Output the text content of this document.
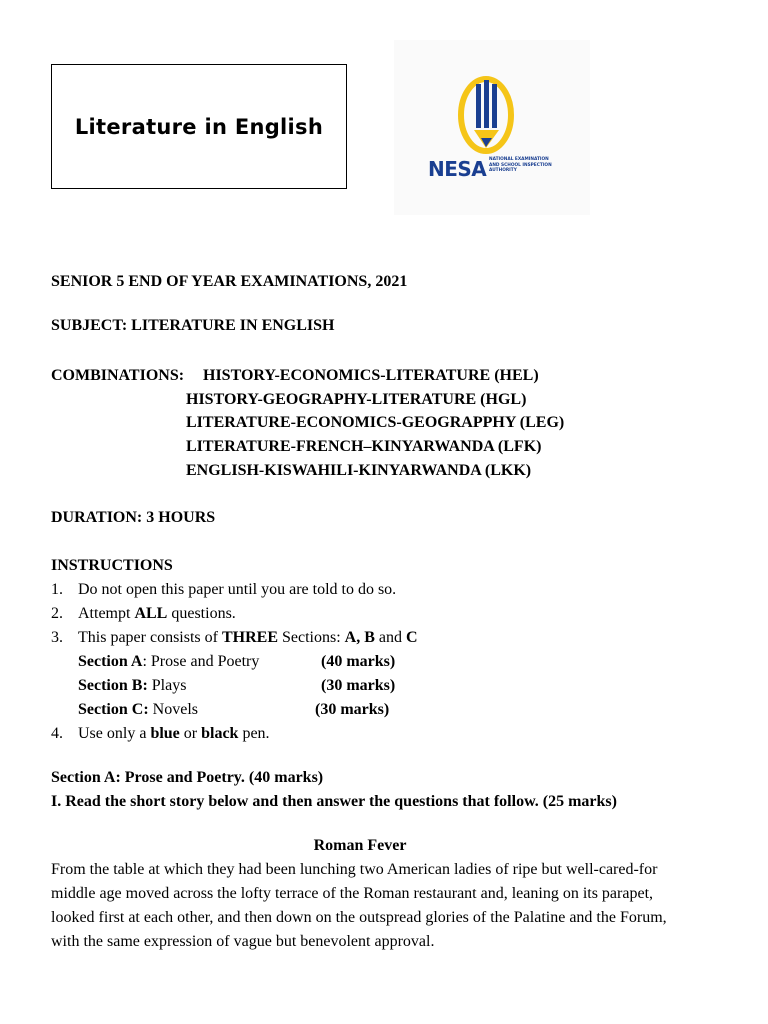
Literature in English
NESA NATIONAL EXAMINATION
AND SCHOOL INSPECTION
AUTHORITY
SENIOR 5 END OF YEAR EXAMINATIONS, 2021
SUBJECT: LITERATURE IN ENGLISH
COMBINATIONS: HISTORY-ECONOMICS-LITERATURE (HEL)
HISTORY-GEOGRAPHY-LITERATURE (HGL)
LITERATURE-ECONOMICS-GEOGRAPPHY (LEG)
LITERATURE-FRENCH–KINYARWANDA (LFK)
ENGLISH-KISWAHILI-KINYARWANDA (LKK)
DURATION: 3 HOURS
INSTRUCTIONS
1. Do not open this paper until you are told to do so.
2. Attempt ALL questions.
3. This paper consists of THREE Sections: A, B and C
Section A: Prose and Poetry	(40 marks)
Section B: Plays	(30 marks)
Section C: Novels	(30 marks)
4. Use only a blue or black pen.
Section A: Prose and Poetry. (40 marks)
I. Read the short story below and then answer the questions that follow. (25 marks)
Roman Fever
From the table at which they had been lunching two American ladies of ripe but well-cared-for
middle age moved across the lofty terrace of the Roman restaurant and, leaning on its parapet,
looked first at each other, and then down on the outspread glories of the Palatine and the Forum,
with the same expression of vague but benevolent approval.
